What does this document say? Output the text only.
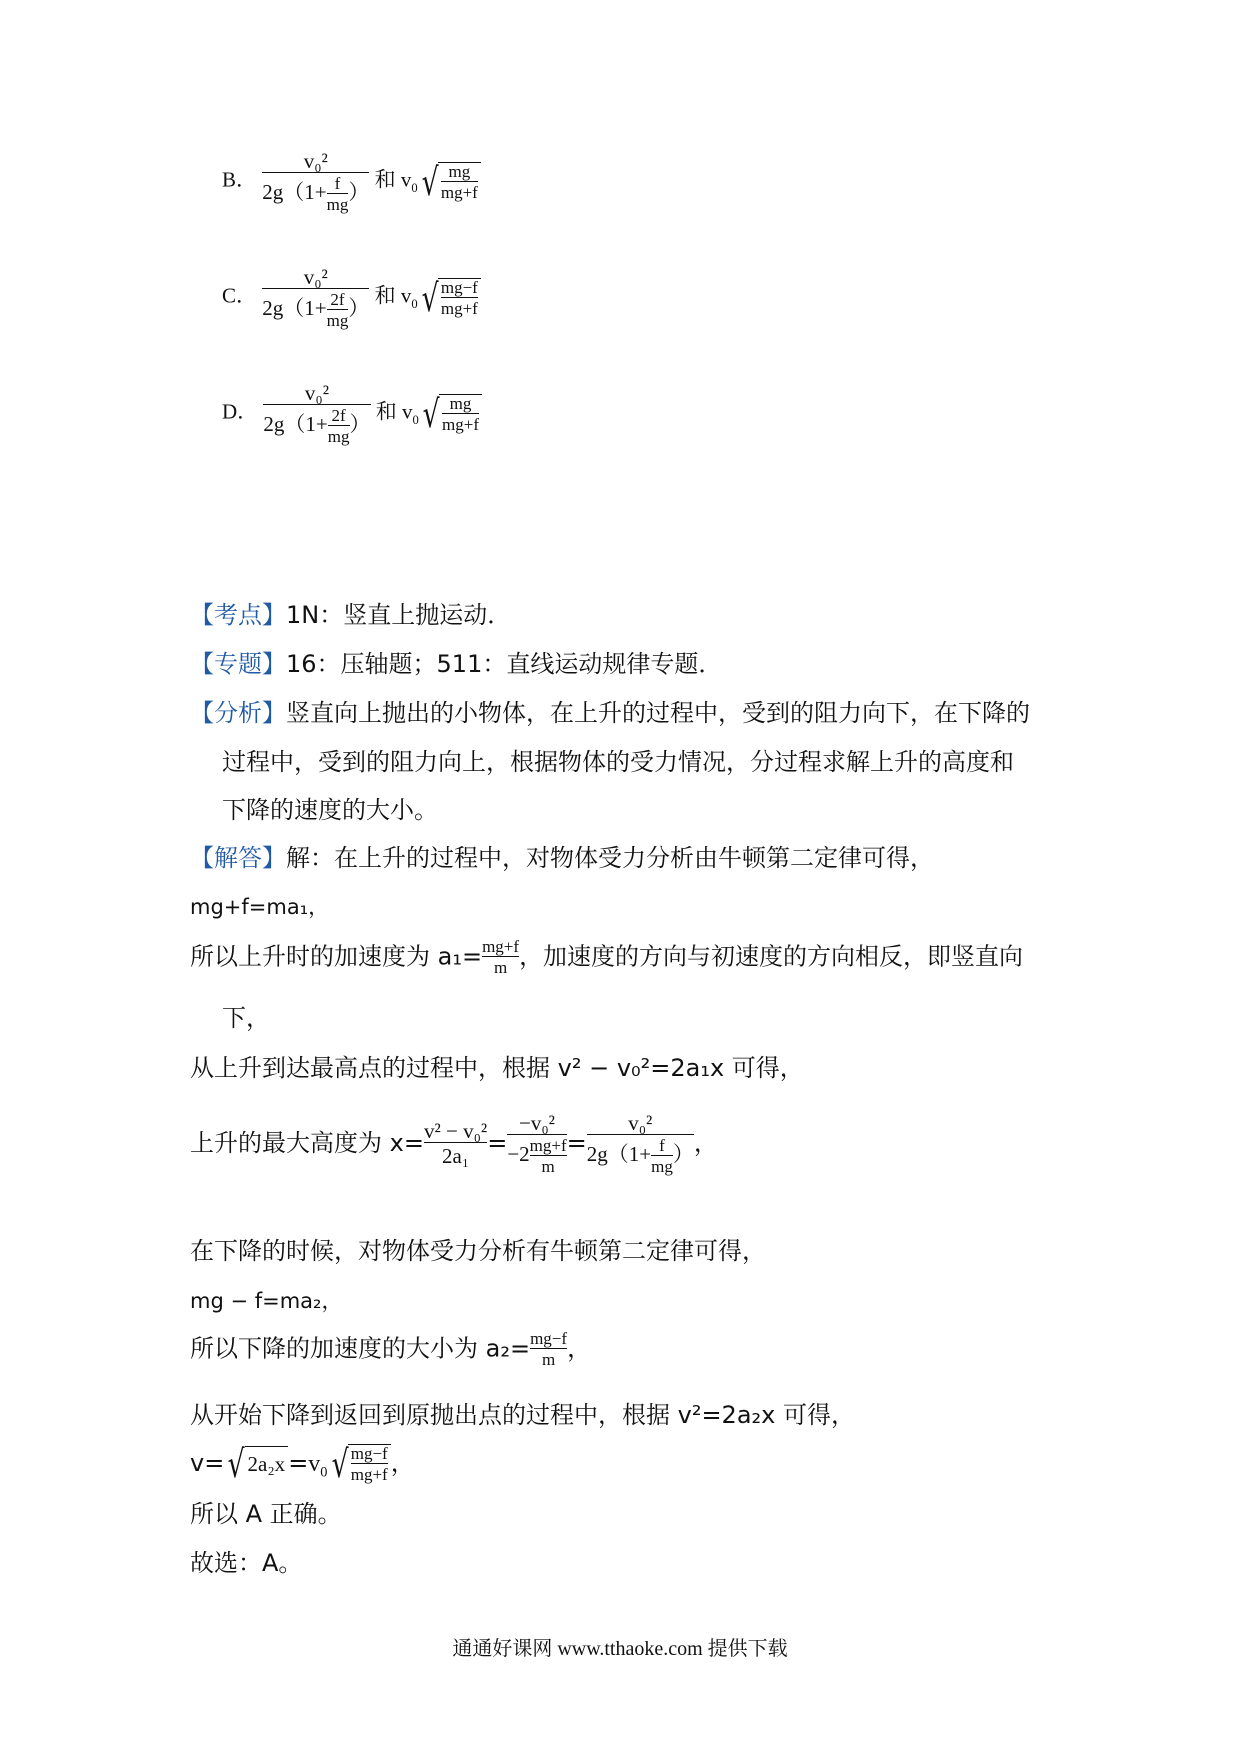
B． $\frac{\text{v₀²}}{2g(1+ \frac{f}{mg} )}$ 和 $v_0√ \frac{mg}{mg+f}$
C． $\frac{\text{v₀²}}{2g(1+ \frac{2f}{mg} )}$ 和 $v_0√ \frac{mg-f}{mg+f}$
D． $\frac{\text{v₀²}}{2g(1+ \frac{2f}{mg} )}$ 和 $v_0√ \frac{mg}{mg+f}$
【考点】1N：竖直上抛运动．
【专题】16：压轴题；511：直线运动规律专题．
【分析】竖直向上抛出的小物体，在上升的过程中，受到的阻力向下，在下降的
过程中，受到的阻力向上，根据物体的受力情况，分过程求解上升的高度和
下降的速度的大小。
【解答】解：在上升的过程中，对物体受力分析由牛顿第二定律可得，
mg+f=ma₁，
所以上升时的加速度为 $a_1= \frac{mg+f}{m}$ ，加速度的方向与初速度的方向相反，即竖直向
下，
从上升到达最高点的过程中，根据 v² − v₀²=2a₁x 可得，
上升的最大高度为 $x= \frac{\text{v² − v₀²}}{\text{2a₁}} = \frac{\text{−v₀²}}{-2 \frac{mg+f}{m}} = \frac{\text{v₀²}}{2g(1+ \frac{f}{mg} )}$ ，
在下降的时候，对物体受力分析有牛顿第二定律可得，
mg − f=ma₂，
所以下降的加速度的大小为 $a_2= \frac{mg-f}{m}$ ，
从开始下降到返回到原抛出点的过程中，根据 v²=2a₂x 可得，
v=√ $2a_2x =v_0√ \frac{mg-f}{mg+f}$ ，
所以 A 正确。
故选：A。
通通好课网 www.tthaoke.com 提供下载
